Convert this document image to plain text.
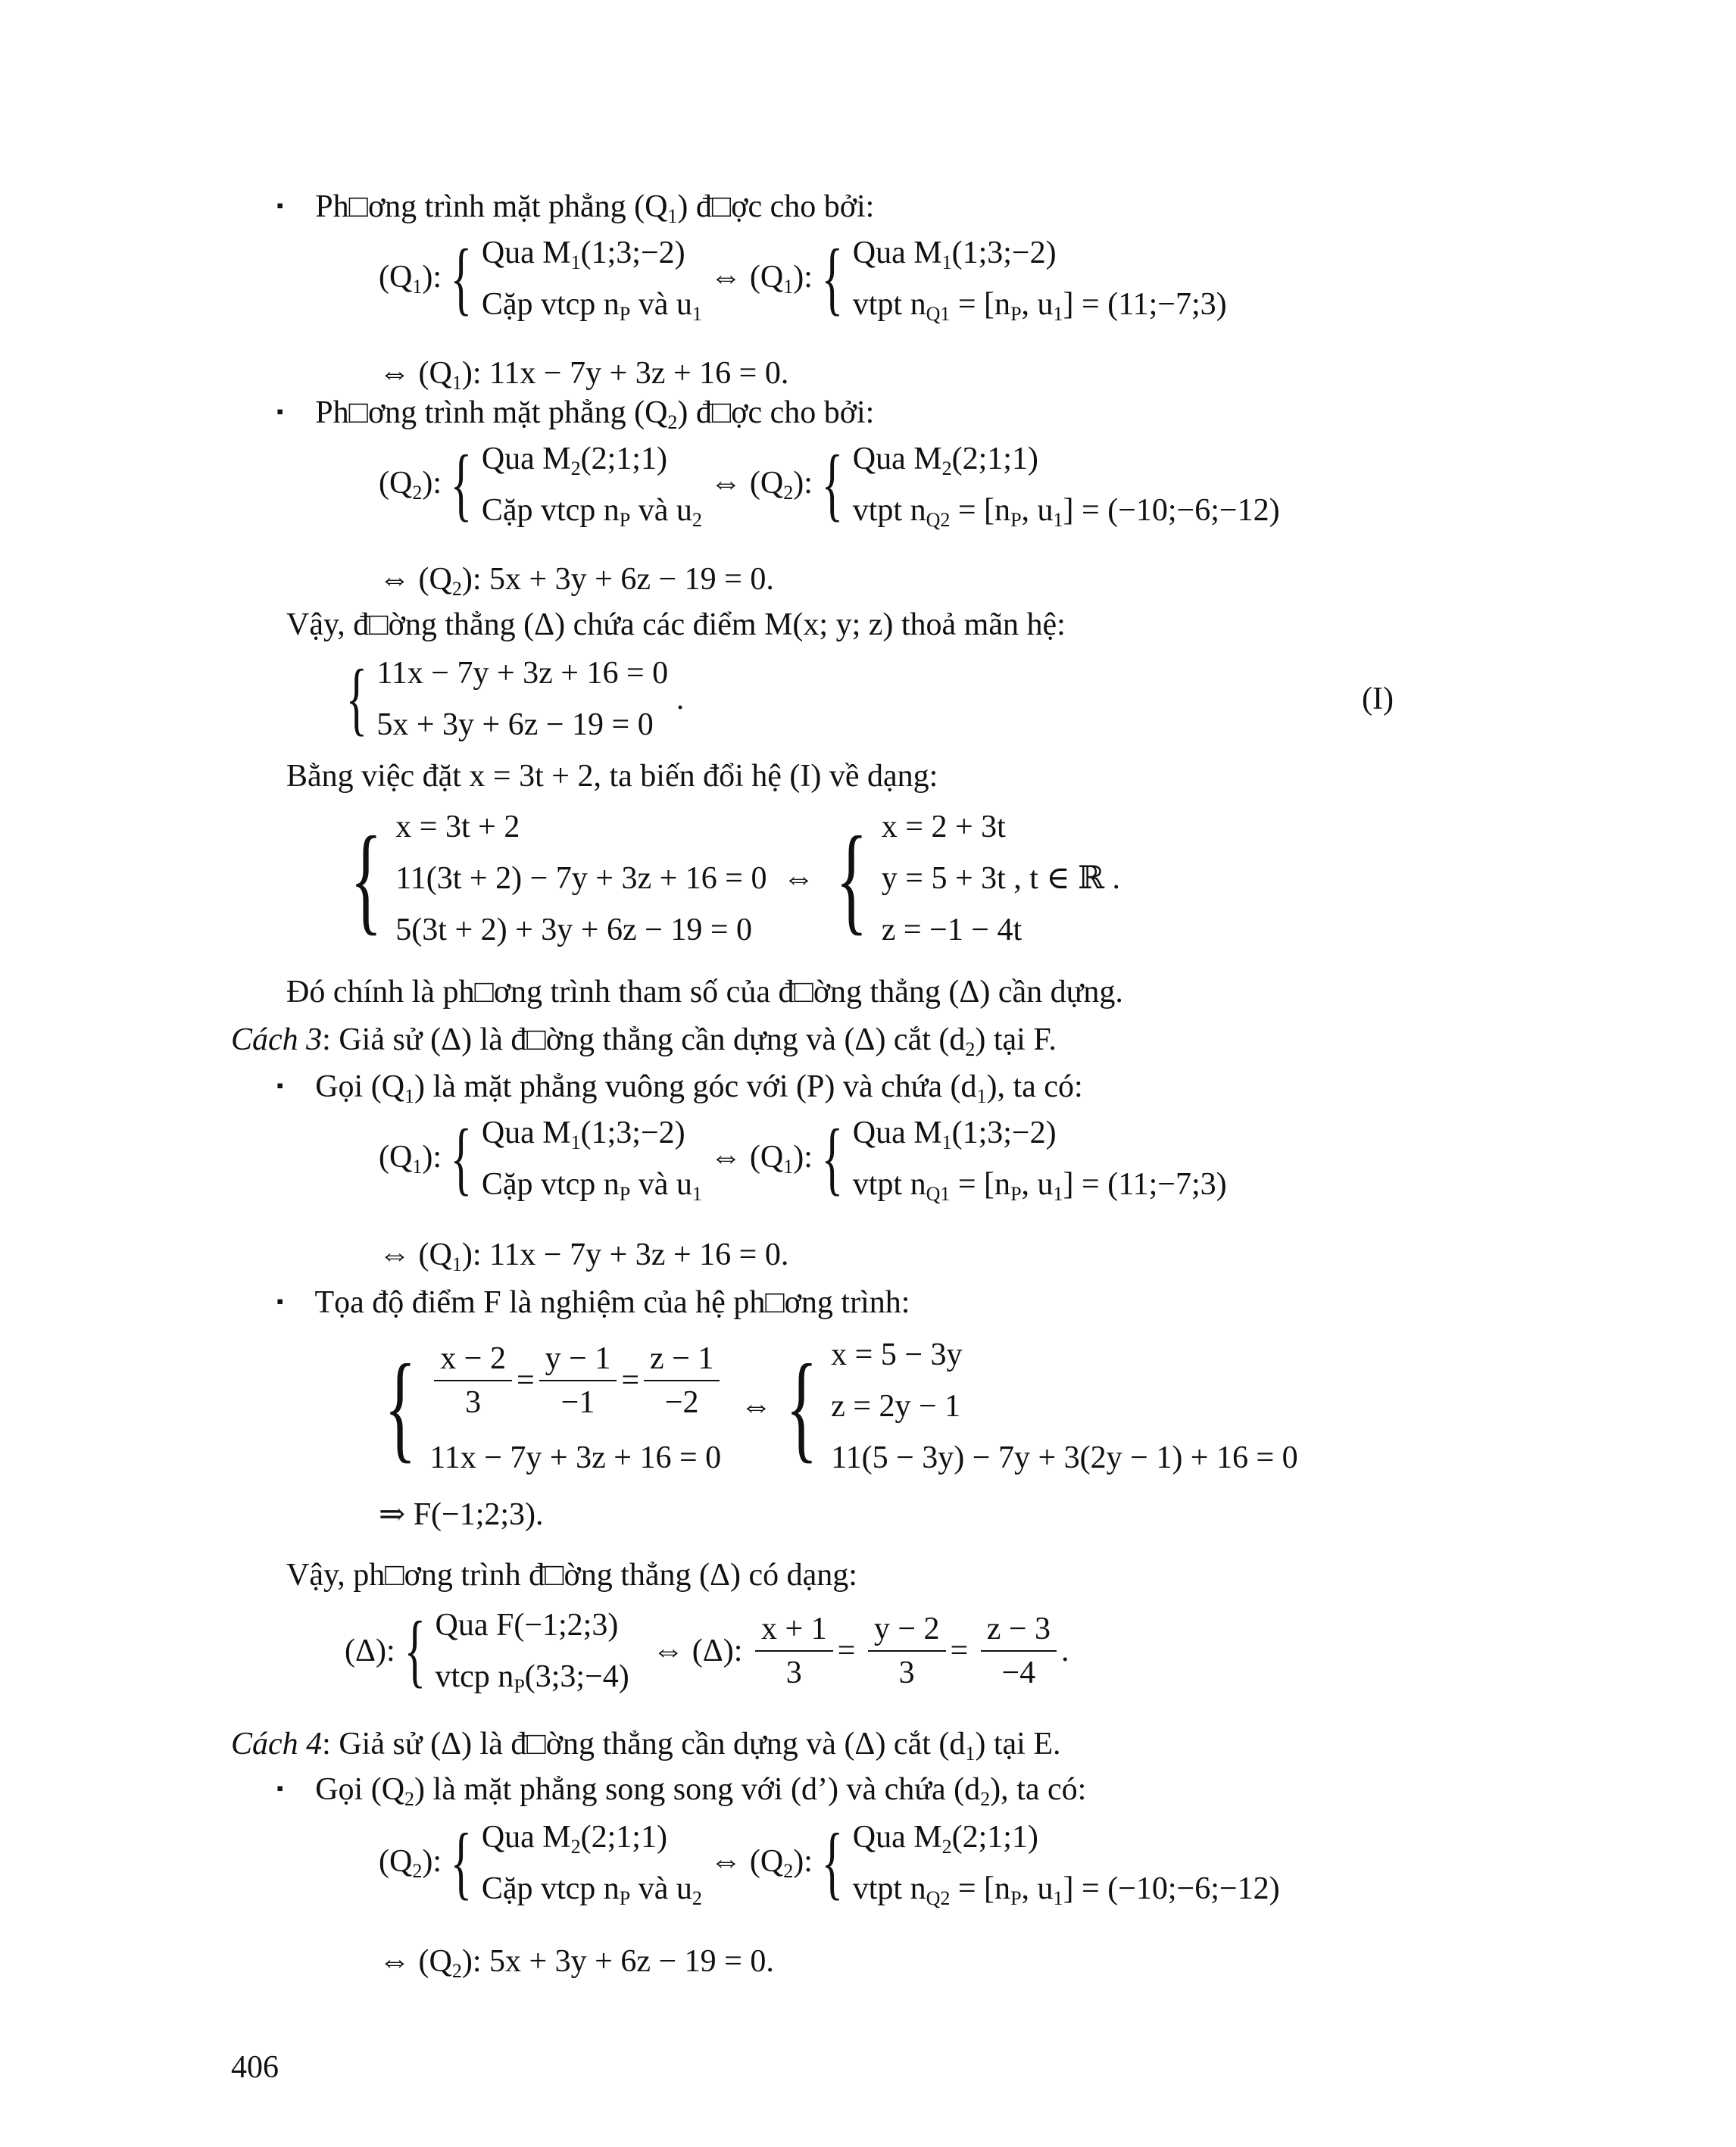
▪ Ph□ơng trình mặt phẳng $(Q_1)$ đ□ợc cho bởi:
$(Q_1)$: { Qua $M_1(1;3;-2)$
Cặp vtcp $n_P$ và $u_1$
⇔ $(Q_1)$: { Qua $M_1(1;3;-2)$
vtpt $n_{Q1} = [n_P$, $u_1$] = (11;−7;3)
⇔ $(Q_1)$: 11x − 7y + 3z + 16 = 0.
▪ Ph□ơng trình mặt phẳng $(Q_2)$ đ□ợc cho bởi:
$(Q_2)$: { Qua $M_2(2;1;1)$
Cặp vtcp $n_P$ và $u_2$
⇔ $(Q_2)$: { Qua $M_2(2;1;1)$
vtpt $n_{Q2} = [n_P$, $u_1$] = (−10;−6;−12)
⇔ $(Q_2)$: 5x + 3y + 6z − 19 = 0.
Vậy, đ□ờng thẳng (Δ) chứa các điểm M(x; y; z) thoả mãn hệ:
{ 11x − 7y + 3z + 16 = 0
5x + 3y + 6z − 19 = 0
.	(I)
Bằng việc đặt x = 3t + 2, ta biến đổi hệ (I) về dạng:
{ x = 3t + 2
11(3t + 2) − 7y + 3z + 16 = 0
5(3t + 2) + 3y + 6z − 19 = 0
⇔  { x = 2 + 3t
y = 5 + 3t , t ∈ ℝ .
z = −1 − 4t
Đó chính là ph□ơng trình tham số của đ□ờng thẳng (Δ) cần dựng.
Cách 3: Giả sử (Δ) là đ□ờng thẳng cần dựng và (Δ) cắt $(d_2)$ tại F.
▪ Gọi $(Q_1)$ là mặt phẳng vuông góc với (P) và chứa $(d_1)$, ta có:
$(Q_1)$: { Qua $M_1(1;3;-2)$
Cặp vtcp $n_P$ và $u_1$
⇔ $(Q_1)$: { Qua $M_1(1;3;-2)$
vtpt $n_{Q1} = [n_P$, $u_1$] = (11;−7;3)
⇔ $(Q_1)$: 11x − 7y + 3z + 16 = 0.
▪ Tọa độ điểm F là nghiệm của hệ ph□ơng trình:
{ $\frac{x - 2}{3} = \frac{y - 1}{-1} = \frac{z - 1}{-2}$
11x − 7y + 3z + 16 = 0
⇔ { x = 5 − 3y
z = 2y − 1
11(5 − 3y) − 7y + 3(2y − 1) + 16 = 0
⇒ F(−1;2;3).
Vậy, ph□ơng trình đ□ờng thẳng (Δ) có dạng:
(Δ): { Qua F(−1;2;3)
vtcp $n_P(3;3;-4)$
⇔ (Δ): $\frac{x + 1}{3} = \frac{y - 2}{3} = \frac{z - 3}{-4}$ .
Cách 4: Giả sử (Δ) là đ□ờng thẳng cần dựng và (Δ) cắt $(d_1)$ tại E.
▪ Gọi $(Q_2)$ là mặt phẳng song song với (d’) và chứa $(d_2)$, ta có:
$(Q_2)$: { Qua $M_2(2;1;1)$
Cặp vtcp $n_P$ và $u_2$
⇔ $(Q_2)$: { Qua $M_2(2;1;1)$
vtpt $n_{Q2} = [n_P$, $u_1$] = (−10;−6;−12)
⇔ $(Q_2)$: 5x + 3y + 6z − 19 = 0.
406
